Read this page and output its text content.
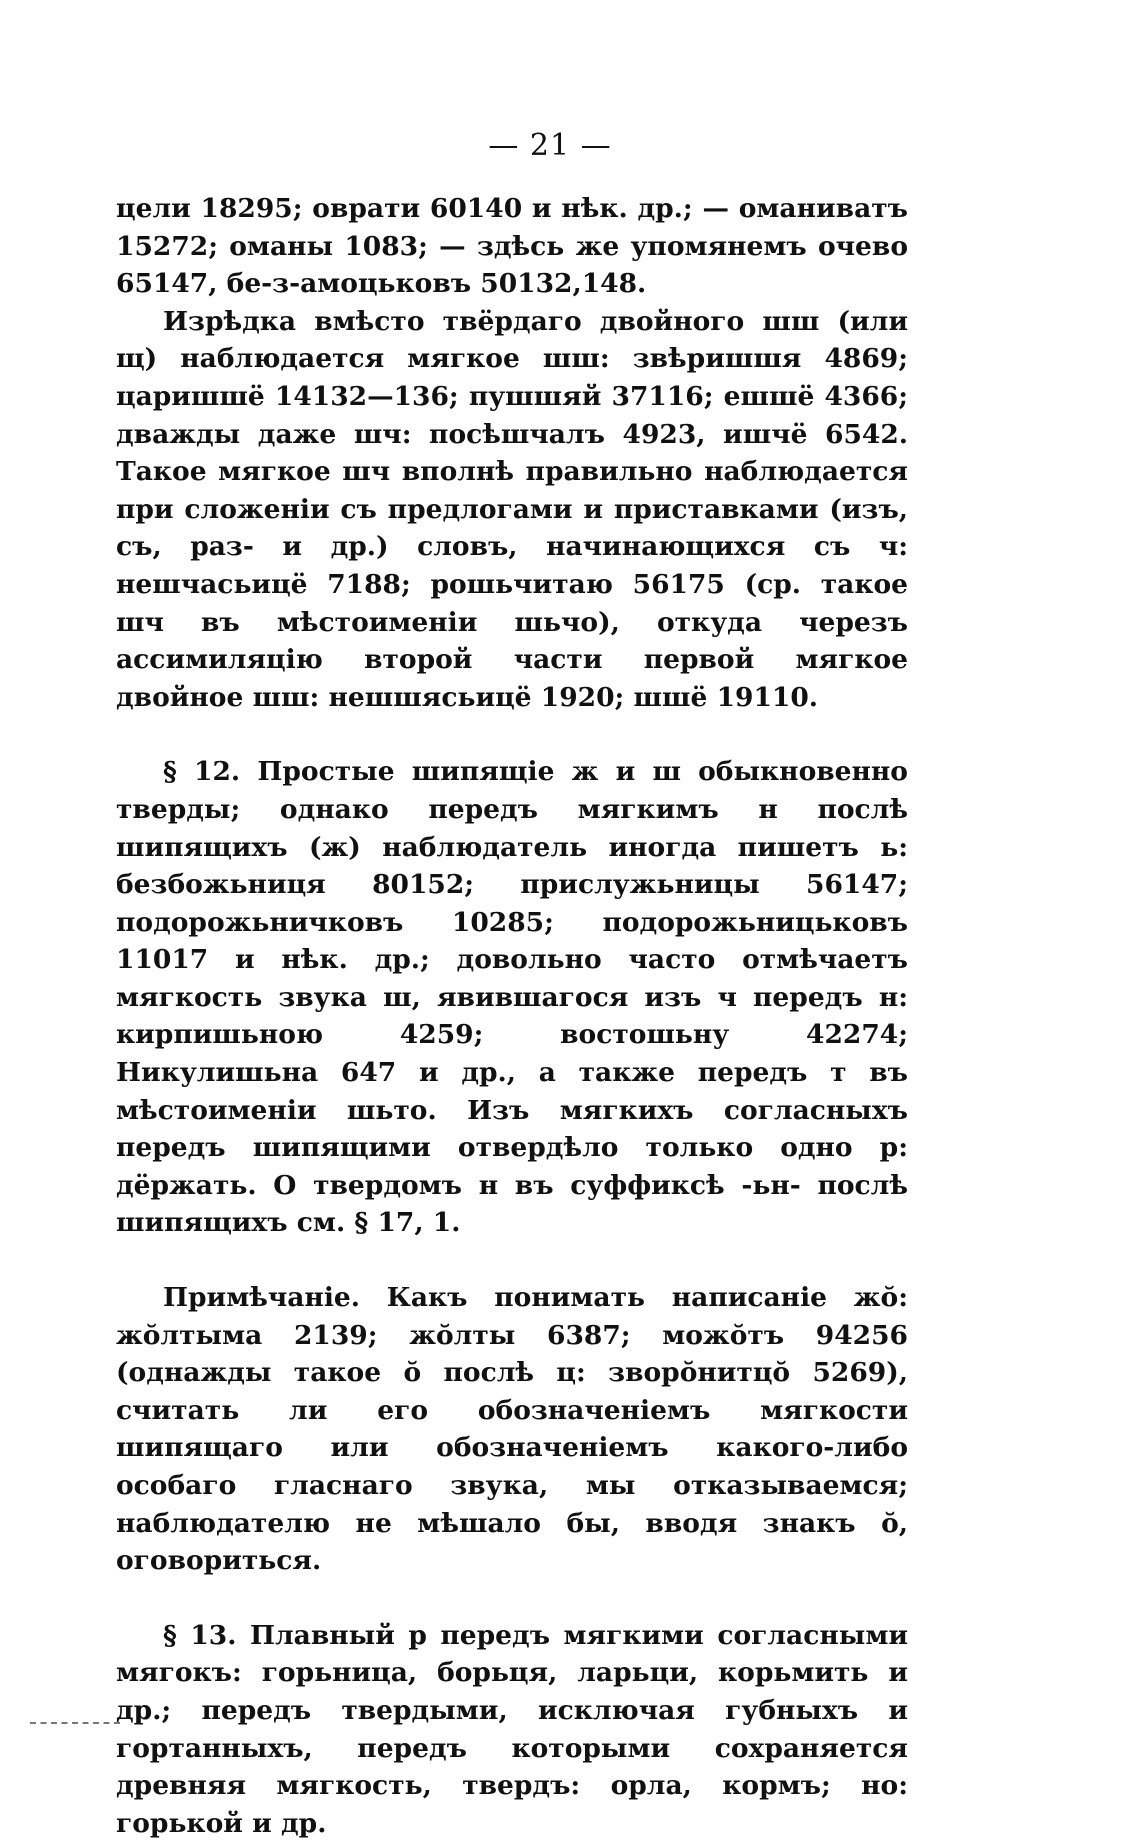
— 21 —

цели 18295; оврати 60140 и нѣк. др.; — оманиватъ 15272; оманы 1083; — здѣсь же упомянемъ очево 65147, бе-з-амоцьковъ 50132,148.

Изрѣдка вмѣсто твёрдаго двойного шш (или щ) наблюдается мягкое шш: звѣришшя 4869; царишшё 14132—136; пушшяй 37116; ешшё 4366; дважды даже шч: посѣшчалъ 4923, ишчё 6542. Такое мягкое шч вполнѣ правильно наблюдается при сложеніи съ предлогами и приставками (изъ, съ, раз- и др.) словъ, начинающихся съ ч: нешчасьицё 7188; рошьчитаю 56175 (ср. такое шч въ мѣстоименіи шьчо), откуда черезъ ассимиляцію второй части первой мягкое двойное шш: нешшясьицё 1920; шшё 19110.

§ 12. Простые шипящіе ж и ш обыкновенно тверды; однако передъ мягкимъ н послѣ шипящихъ (ж) наблюдатель иногда пишетъ ь: безбожьниця 80152; прислужьницы 56147; подорожьничковъ 10285; подорожьницьковъ 11017 и нѣк. др.; довольно часто отмѣчаетъ мягкость звука ш, явившагося изъ ч передъ н: кирпишьною 4259; востошьну 42274; Никулишьна 647 и др., а также передъ т въ мѣстоименіи шьто. Изъ мягкихъ согласныхъ передъ шипящими отвердѣло только одно р: дёржать. О твердомъ н въ суффиксѣ -ьн- послѣ шипящихъ см. § 17, 1.

Примѣчаніе. Какъ понимать написаніе жŏ: жŏлтыма 2139; жŏлты 6387; можŏтъ 94256 (однажды такое ŏ послѣ ц: зворŏнитцŏ 5269), считать ли его обозначеніемъ мягкости шипящаго или обозначеніемъ какого-либо особаго гласнаго звука, мы отказываемся; наблюдателю не мѣшало бы, вводя знакъ ŏ, оговориться.

§ 13. Плавный р передъ мягкими согласными мягокъ: горьница, борьця, ларьци, корьмить и др.; передъ твердыми, исключая губныхъ и гортанныхъ, передъ которыми сохраняется древняя мягкость, твердъ: орла, кормъ; но: горькой и др.
